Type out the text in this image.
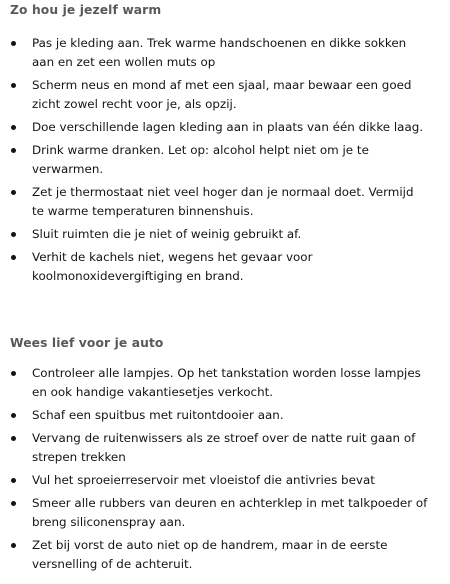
Zo hou je jezelf warm
Pas je kleding aan. Trek warme handschoenen en dikke sokken
aan en zet een wollen muts op
Scherm neus en mond af met een sjaal, maar bewaar een goed
zicht zowel recht voor je, als opzij.
Doe verschillende lagen kleding aan in plaats van één dikke laag.
Drink warme dranken. Let op: alcohol helpt niet om je te
verwarmen.
Zet je thermostaat niet veel hoger dan je normaal doet. Vermijd
te warme temperaturen binnenshuis.
Sluit ruimten die je niet of weinig gebruikt af.
Verhit de kachels niet, wegens het gevaar voor
koolmonoxidevergiftiging en brand.
Wees lief voor je auto
Controleer alle lampjes. Op het tankstation worden losse lampjes
en ook handige vakantiesetjes verkocht.
Schaf een spuitbus met ruitontdooier aan.
Vervang de ruitenwissers als ze stroef over de natte ruit gaan of
strepen trekken
Vul het sproeierreservoir met vloeistof die antivries bevat
Smeer alle rubbers van deuren en achterklep in met talkpoeder of
breng siliconenspray aan.
Zet bij vorst de auto niet op de handrem, maar in de eerste
versnelling of de achteruit.
